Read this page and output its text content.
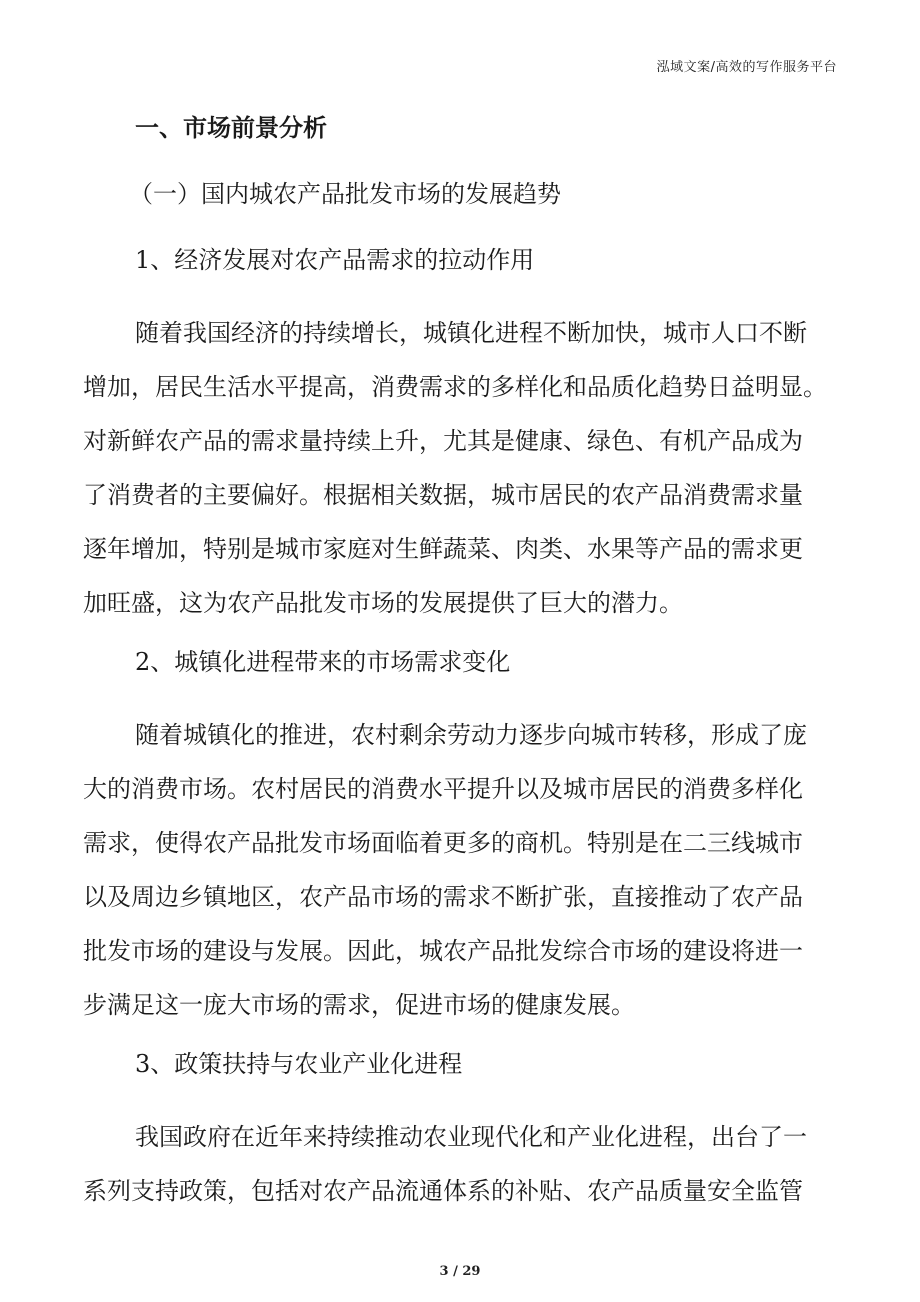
泓域文案/高效的写作服务平台
一、市场前景分析
（一）国内城农产品批发市场的发展趋势
1、经济发展对农产品需求的拉动作用
随着我国经济的持续增长，城镇化进程不断加快，城市人口不断
增加，居民生活水平提高，消费需求的多样化和品质化趋势日益明显。
对新鲜农产品的需求量持续上升，尤其是健康、绿色、有机产品成为
了消费者的主要偏好。根据相关数据，城市居民的农产品消费需求量
逐年增加，特别是城市家庭对生鲜蔬菜、肉类、水果等产品的需求更
加旺盛，这为农产品批发市场的发展提供了巨大的潜力。
2、城镇化进程带来的市场需求变化
随着城镇化的推进，农村剩余劳动力逐步向城市转移，形成了庞
大的消费市场。农村居民的消费水平提升以及城市居民的消费多样化
需求，使得农产品批发市场面临着更多的商机。特别是在二三线城市
以及周边乡镇地区，农产品市场的需求不断扩张，直接推动了农产品
批发市场的建设与发展。因此，城农产品批发综合市场的建设将进一
步满足这一庞大市场的需求，促进市场的健康发展。
3、政策扶持与农业产业化进程
我国政府在近年来持续推动农业现代化和产业化进程，出台了一
系列支持政策，包括对农产品流通体系的补贴、农产品质量安全监管
3 / 29
